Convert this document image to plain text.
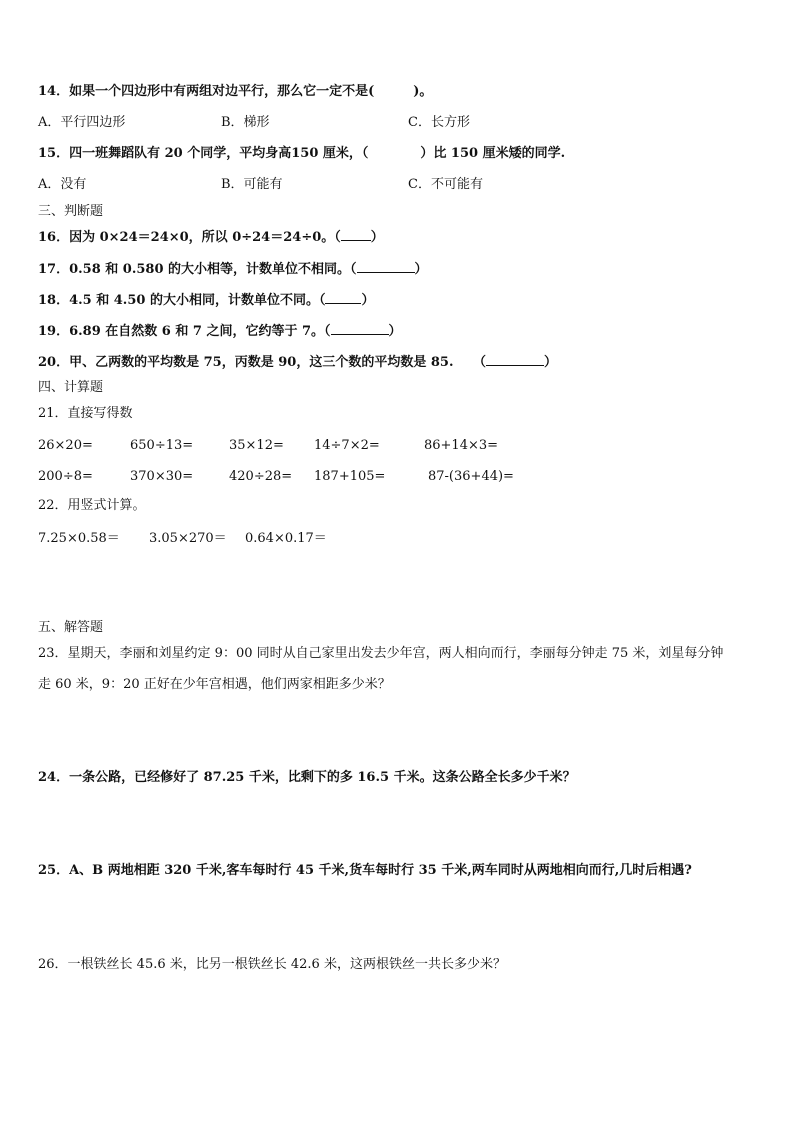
14．如果一个四边形中有两组对边平行，那么它一定不是(　　　)。
A．平行四边形	B．梯形	C．长方形
15．四一班舞蹈队有 20 个同学，平均身高150 厘米，（　　　　）比 150 厘米矮的同学.
A．没有	B．可能有	C．不可能有
三、判断题
16．因为 0×24＝24×0，所以 0÷24＝24÷0。（ ）
17．0.58 和 0.580 的大小相等，计数单位不相同。（	）
18．4.5 和 4.50 的大小相同，计数单位不同。（	）
19．6.89 在自然数 6 和 7 之间，它约等于 7。（	）
20．甲、乙两数的平均数是 75，丙数是 90，这三个数的平均数是 85.　　（	）
四、计算题
21．直接写得数
26×20=	650÷13=	35×12= 14÷7×2=	86+14×3=
200÷8=	370×30=	420÷28= 187+105=	87-(36+44)=
22．用竖式计算。
7.25×0.58＝ 3.05×270＝ 0.64×0.17＝
五、解答题
23．星期天，李丽和刘星约定 9：00 同时从自己家里出发去少年宫，两人相向而行，李丽每分钟走 75 米，刘星每分钟
走 60 米，9：20 正好在少年宫相遇，他们两家相距多少米？
24．一条公路，已经修好了 87.25 千米，比剩下的多 16.5 千米。这条公路全长多少千米？
25．A、B 两地相距 320 千米,客车每时行 45 千米,货车每时行 35 千米,两车同时从两地相向而行,几时后相遇?
26．一根铁丝长 45.6 米，比另一根铁丝长 42.6 米，这两根铁丝一共长多少米？
